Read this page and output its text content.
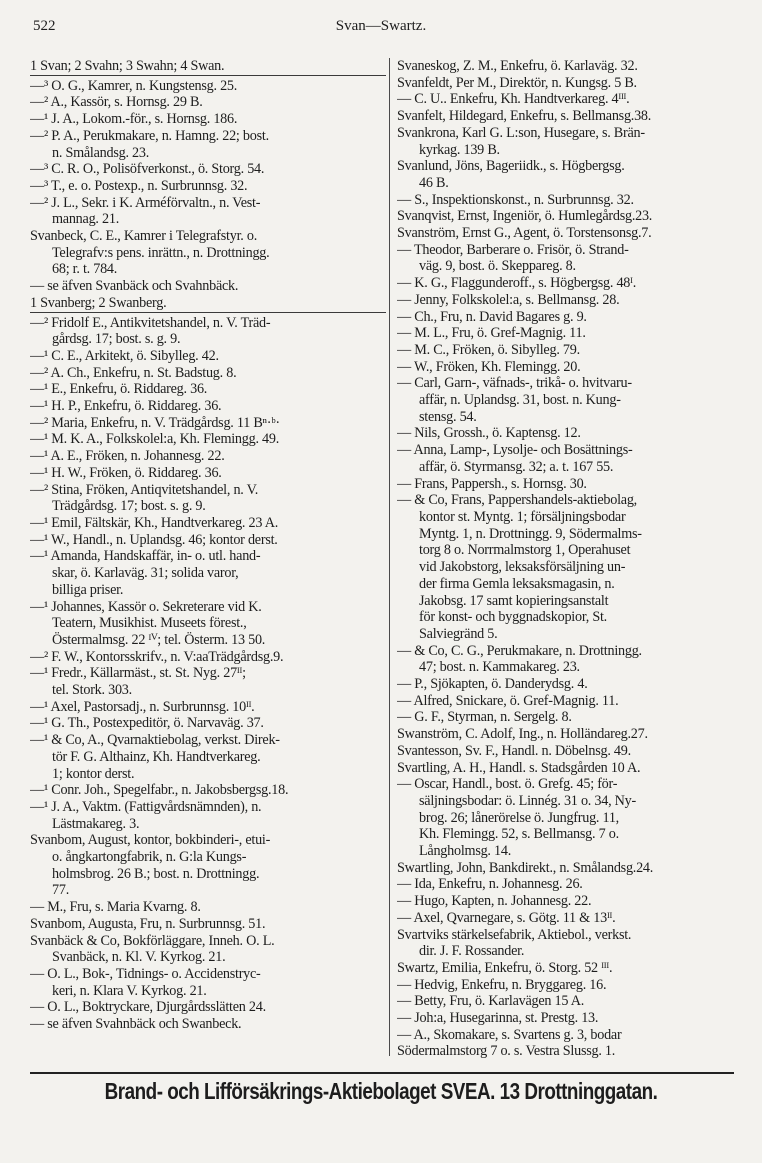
522	Svan—Swartz.
1 Svan; 2 Svahn; 3 Swahn; 4 Swan.
—³ O. G., Kamrer, n. Kungstensg. 25.
—² A., Kassör, s. Hornsg. 29 B.
—¹ J. A., Lokom.-för., s. Hornsg. 186.
—² P. A., Perukmakare, n. Hamng. 22; bost.
n. Smålandsg. 23.
—³ C. R. O., Polisöfverkonst., ö. Storg. 54.
—³ T., e. o. Postexp., n. Surbrunnsg. 32.
—² J. L., Sekr. i K. Arméförvaltn., n. Vest-
mannag. 21.
Svanbeck, C. E., Kamrer i Telegrafstyr. o.
Telegrafv:s pens. inrättn., n. Drottningg.
68; r. t. 784.
— se äfven Svanbäck och Svahnbäck.
1 Svanberg; 2 Swanberg.
—² Fridolf E., Antikvitetshandel, n. V. Träd-
gårdsg. 17; bost. s. g. 9.
—¹ C. E., Arkitekt, ö. Sibylleg. 42.
—² A. Ch., Enkefru, n. St. Badstug. 8.
—¹ E., Enkefru, ö. Riddareg. 36.
—¹ H. P., Enkefru, ö. Riddareg. 36.
—² Maria, Enkefru, n. V. Trädgårdsg. 11 Bⁿ·ᵇ·
—¹ M. K. A., Folkskolel:a, Kh. Flemingg. 49.
—¹ A. E., Fröken, n. Johannesg. 22.
—¹ H. W., Fröken, ö. Riddareg. 36.
—² Stina, Fröken, Antiqvitetshandel, n. V.
Trädgårdsg. 17; bost. s. g. 9.
—¹ Emil, Fältskär, Kh., Handtverkareg. 23 A.
—¹ W., Handl., n. Uplandsg. 46; kontor derst.
—¹ Amanda, Handskaffär, in- o. utl. hand-
skar, ö. Karlaväg. 31; solida varor,
billiga priser.
—¹ Johannes, Kassör o. Sekreterare vid K.
Teatern, Musikhist. Museets förest.,
Östermalmsg. 22 ᴵⱽ; tel. Österm. 13 50.
—² F. W., Kontorsskrifv., n. V:aaTrädgårdsg.9.
—¹ Fredr., Källarmäst., st. St. Nyg. 27ᴵᴵ;
tel. Stork. 303.
—¹ Axel, Pastorsadj., n. Surbrunnsg. 10ᴵᴵ.
—¹ G. Th., Postexpeditör, ö. Narvaväg. 37.
—¹ & Co, A., Qvarnaktiebolag, verkst. Direk-
tör F. G. Althainz, Kh. Handtverkareg.
1; kontor derst.
—¹ Conr. Joh., Spegelfabr., n. Jakobsbergsg.18.
—¹ J. A., Vaktm. (Fattigvårdsnämnden), n.
Lästmakareg. 3.
Svanbom, August, kontor, bokbinderi-, etui-
o. ångkartongfabrik, n. G:la Kungs-
holmsbrog. 26 B.; bost. n. Drottningg.
77.
— M., Fru, s. Maria Kvarng. 8.
Svanbom, Augusta, Fru, n. Surbrunnsg. 51.
Svanbäck & Co, Bokförläggare, Inneh. O. L.
Svanbäck, n. Kl. V. Kyrkog. 21.
— O. L., Bok-, Tidnings- o. Accidenstryc-
keri, n. Klara V. Kyrkog. 21.
— O. L., Boktryckare, Djurgårdsslätten 24.
— se äfven Svahnbäck och Swanbeck.
Svaneskog, Z. M., Enkefru, ö. Karlaväg. 32.
Svanfeldt, Per M., Direktör, n. Kungsg. 5 B.
— C. U.. Enkefru, Kh. Handtverkareg. 4ᴵᴵᴵ.
Svanfelt, Hildegard, Enkefru, s. Bellmansg.38.
Svankrona, Karl G. L:son, Husegare, s. Brän-
kyrkag. 139 B.
Svanlund, Jöns, Bageriidk., s. Högbergsg.
46 B.
— S., Inspektionskonst., n. Surbrunnsg. 32.
Svanqvist, Ernst, Ingeniör, ö. Humlegårdsg.23.
Svanström, Ernst G., Agent, ö. Torstensonsg.7.
— Theodor, Barberare o. Frisör, ö. Strand-
väg. 9, bost. ö. Skeppareg. 8.
— K. G., Flaggunderoff., s. Högbergsg. 48ᴵ.
— Jenny, Folkskolel:a, s. Bellmansg. 28.
— Ch., Fru, n. David Bagares g. 9.
— M. L., Fru, ö. Gref-Magnig. 11.
— M. C., Fröken, ö. Sibylleg. 79.
— W., Fröken, Kh. Flemingg. 20.
— Carl, Garn-, väfnads-, trikå- o. hvitvaru-
affär, n. Uplandsg. 31, bost. n. Kung-
stensg. 54.
— Nils, Grossh., ö. Kaptensg. 12.
— Anna, Lamp-, Lysolje- och Bosättnings-
affär, ö. Styrmansg. 32; a. t. 167 55.
— Frans, Pappersh., s. Hornsg. 30.
— & Co, Frans, Pappershandels-aktiebolag,
kontor st. Myntg. 1; försäljningsbodar
Myntg. 1, n. Drottningg. 9, Södermalms-
torg 8 o. Norrmalmstorg 1, Operahuset
vid Jakobstorg, leksaksförsäljning un-
der firma Gemla leksaksmagasin, n.
Jakobsg. 17 samt kopieringsanstalt
för konst- och byggnadskopior, St.
Salviegränd 5.
— & Co, C. G., Perukmakare, n. Drottningg.
47; bost. n. Kammakareg. 23.
— P., Sjökapten, ö. Danderydsg. 4.
— Alfred, Snickare, ö. Gref-Magnig. 11.
— G. F., Styrman, n. Sergelg. 8.
Swanström, C. Adolf, Ing., n. Holländareg.27.
Svantesson, Sv. F., Handl. n. Döbelnsg. 49.
Svartling, A. H., Handl. s. Stadsgården 10 A.
— Oscar, Handl., bost. ö. Grefg. 45; för-
säljningsbodar: ö. Linnég. 31 o. 34, Ny-
brog. 26; lånerörelse ö. Jungfrug. 11,
Kh. Flemingg. 52, s. Bellmansg. 7 o.
Långholmsg. 14.
Swartling, John, Bankdirekt., n. Smålandsg.24.
— Ida, Enkefru, n. Johannesg. 26.
— Hugo, Kapten, n. Johannesg. 22.
— Axel, Qvarnegare, s. Götg. 11 & 13ᴵᴵ.
Svartviks stärkelsefabrik, Aktiebol., verkst.
dir. J. F. Rossander.
Swartz, Emilia, Enkefru, ö. Storg. 52 ᴵᴵᴵ.
— Hedvig, Enkefru, n. Bryggareg. 16.
— Betty, Fru, ö. Karlavägen 15 A.
— Joh:a, Husegarinna, st. Prestg. 13.
— A., Skomakare, s. Svartens g. 3, bodar
Södermalmstorg 7 o. s. Vestra Slussg. 1.
Brand- och Lifförsäkrings-Aktiebolaget SVEA. 13 Drottninggatan.
